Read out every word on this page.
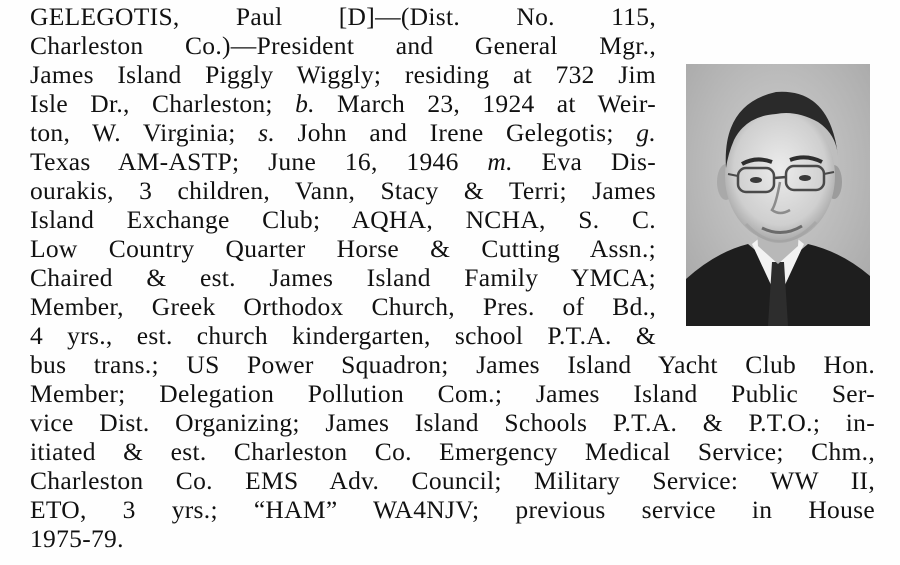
GELEGOTIS, Paul [D]—(Dist. No. 115,

Charleston Co.)—President and General Mgr.,

James Island Piggly Wiggly; residing at 732 Jim

Isle Dr., Charleston; b. March 23, 1924 at Weir-

ton, W. Virginia; s. John and Irene Gelegotis; g.

Texas AM-ASTP; June 16, 1946 m. Eva Dis-

ourakis, 3 children, Vann, Stacy & Terri; James

Island Exchange Club; AQHA, NCHA, S. C.

Low Country Quarter Horse & Cutting Assn.;

Chaired & est. James Island Family YMCA;

Member, Greek Orthodox Church, Pres. of Bd.,

4 yrs., est. church kindergarten, school P.T.A. &

bus trans.; US Power Squadron; James Island Yacht Club Hon.

Member; Delegation Pollution Com.; James Island Public Ser-

vice Dist. Organizing; James Island Schools P.T.A. & P.T.O.; in-

itiated & est. Charleston Co. Emergency Medical Service; Chm.,

Charleston Co. EMS Adv. Council; Military Service: WW II,

ETO, 3 yrs.; “HAM” WA4NJV; previous service in House

1975-79.
